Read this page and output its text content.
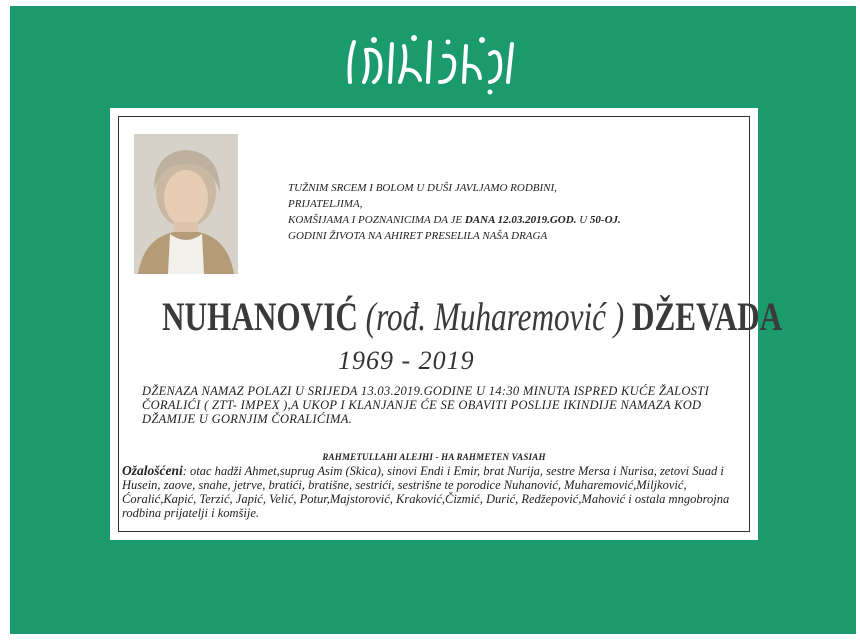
TUŽNIM SRCEM I BOLOM U DUŠI JAVLJAMO RODBINI, PRIJATELJIMA,
KOMŠIJAMA I POZNANICIMA DA JE DANA 12.03.2019.GOD. U 50-OJ.
GODINI ŽIVOTA NA AHIRET PRESELILA NAŠA DRAGA
NUHANOVIĆ (rođ. Muharemović ) DŽEVADA
1969 - 2019
DŽENAZA NAMAZ POLAZI U SRIJEDA 13.03.2019.GODINE U 14:30 MINUTA ISPRED KUĆE ŽALOSTI ČORALIĆI ( ZTT- IMPEX ),A UKOP I KLANJANJE ĆE SE OBAVITI POSLIJE IKINDIJE NAMAZA KOD DŽAMIJE U GORNJIM ČORALIĆIMA.
RAHMETULLAHI ALEJHI - HA RAHMETEN VASIAH
Ožalošćeni: otac hadži Ahmet,suprug Asim (Skica), sinovi Endi i Emir, brat Nurija, sestre Mersa i Nurisa, zetovi Suad i Husein, zaove, snahe, jetrve, bratići, bratišne, sestrići, sestrišne te porodice Nuhanović, Muharemović,Miljković, Ćoralić,Kapić, Terzić, Japić, Velić, Potur,Majstorović, Kraković,Čizmić, Durić, Redžepović,Mahović i ostala mngobrojna rodbina prijatelji i komšije.
